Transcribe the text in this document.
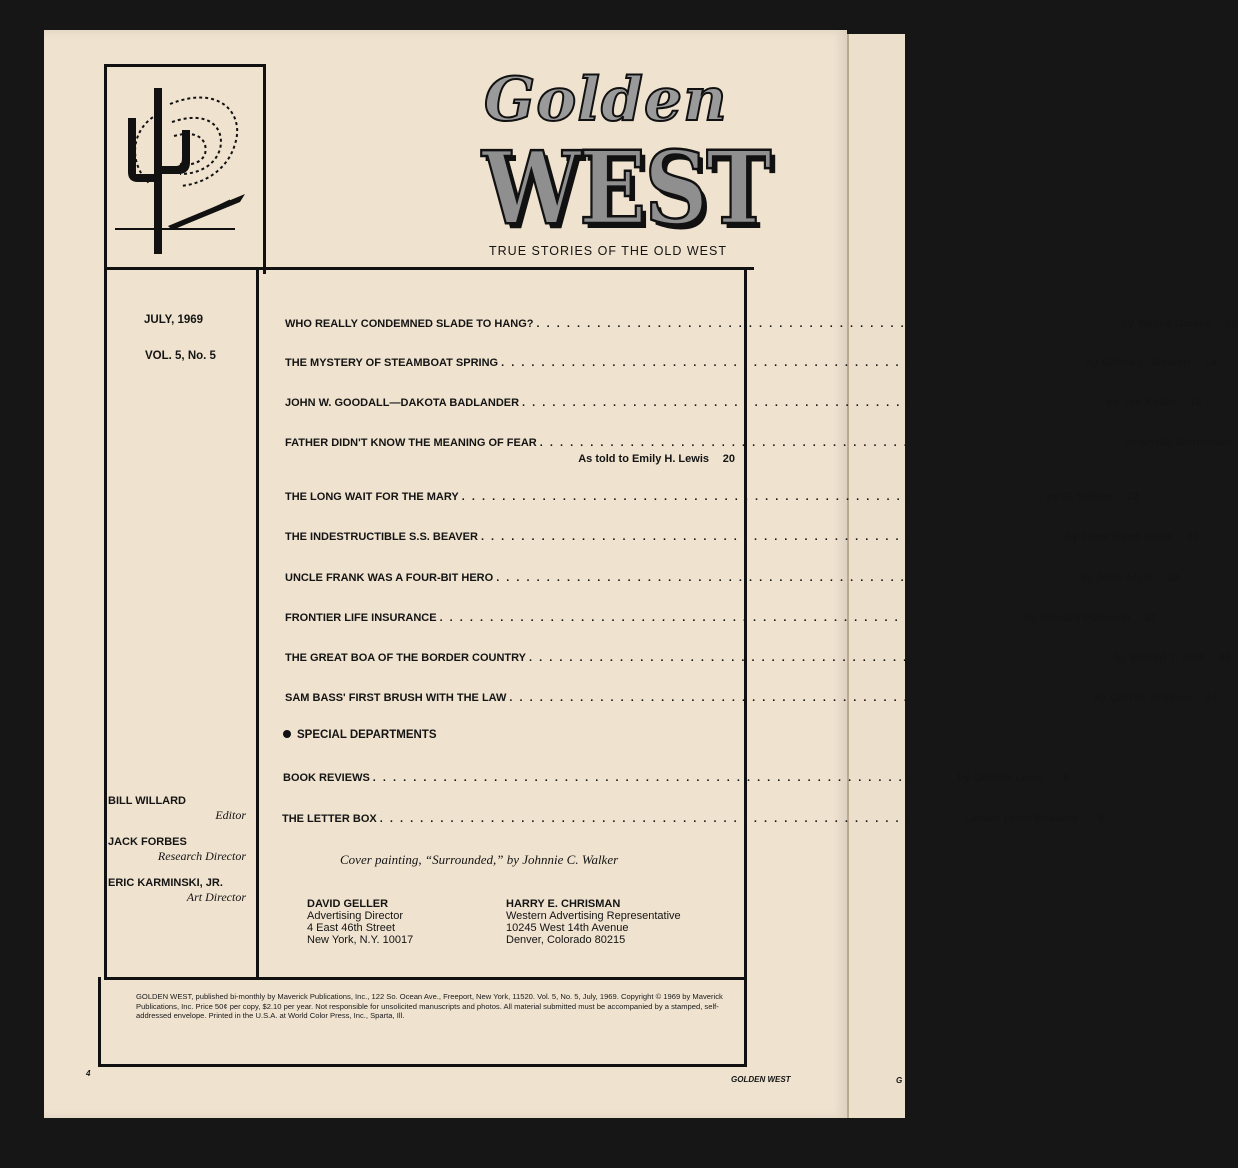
G
Golden
WEST
TRUE STORIES OF THE OLD WEST
JULY, 1969
VOL. 5, No. 5
WHO REALLY CONDEMNED SLADE TO HANG? . . . . . . . . . . . . . . . . . . . . . . . . . . . . . . . . . . . . . . . . . . . . . . . . . . . . . . . . . . by Wayne Darwin	10
THE MYSTERY OF STEAMBOAT SPRING . . . . . . . . . . . . . . . . . . . . . . . . . . . . . . . . . . . . . . . . . . . . . . . . . . . . . . . . . . by Editha L. Watson	14
JOHN W. GOODALL—DAKOTA BADLANDER . . . . . . . . . . . . . . . . . . . . . . . . . . . . . . . . . . . . . . . . . . . . . . . . . . . . . . . . . . by Joe Koller	16
FATHER DIDN'T KNOW THE MEANING OF FEAR . . . . . . . . . . . . . . . . . . . . . . . . . . . . . . . . . . . . . . . . . . . . . . . . . . . . . . . . . . by Myrtle Wordeman
As told to Emily H. Lewis	20
THE LONG WAIT FOR THE MARY . . . . . . . . . . . . . . . . . . . . . . . . . . . . . . . . . . . . . . . . . . . . . . . . . . . . . . . . . . by G. Sellers	22
THE INDESTRUCTIBLE S.S. BEAVER . . . . . . . . . . . . . . . . . . . . . . . . . . . . . . . . . . . . . . . . . . . . . . . . . . . . . . . . . . by Flora Weed Hicks	26
UNCLE FRANK WAS A FOUR-BIT HERO . . . . . . . . . . . . . . . . . . . . . . . . . . . . . . . . . . . . . . . . . . . . . . . . . . . . . . . . . . by John Alger	28
FRONTIER LIFE INSURANCE . . . . . . . . . . . . . . . . . . . . . . . . . . . . . . . . . . . . . . . . . . . . . . . . . . . . . . . . . . by Howard Peterson	32
THE GREAT BOA OF THE BORDER COUNTRY . . . . . . . . . . . . . . . . . . . . . . . . . . . . . . . . . . . . . . . . . . . . . . . . . . . . . . . . . . by Wilfred T. Neill	33
SAM BASS' FIRST BRUSH WITH THE LAW . . . . . . . . . . . . . . . . . . . . . . . . . . . . . . . . . . . . . . . . . . . . . . . . . . . . . . . . . . by Carl W. Breihan	34
SPECIAL DEPARTMENTS
BOOK REVIEWS . . . . . . . . . . . . . . . . . . . . . . . . . . . . . . . . . . . . . . . . . . . . . . . . . . . . . . . . . . by Celesta Lowe	6
THE LETTER BOX . . . . . . . . . . . . . . . . . . . . . . . . . . . . . . . . . . . . . . . . . . . . . . . . . . . . . . . . . . Letters From Readers	8
Cover painting, “Surrounded,” by Johnnie C. Walker
DAVID GELLER
Advertising Director
4 East 46th Street
New York, N.Y. 10017
HARRY E. CHRISMAN
Western Advertising Representative
10245 West 14th Avenue
Denver, Colorado 80215
BILL WILLARD
Editor
JACK FORBES
Research Director
ERIC KARMINSKI, JR.
Art Director
GOLDEN WEST, published bi-monthly by Maverick Publications, Inc., 122 So. Ocean Ave., Freeport, New York, 11520. Vol. 5, No. 5, July, 1969. Copyright © 1969 by Maverick Publications, Inc. Price 50¢ per copy, $2.10 per year. Not responsible for unsolicited manuscripts and photos. All material submitted must be accompanied by a stamped, self-addressed envelope. Printed in the U.S.A. at World Color Press, Inc., Sparta, Ill.
4
GOLDEN WEST
